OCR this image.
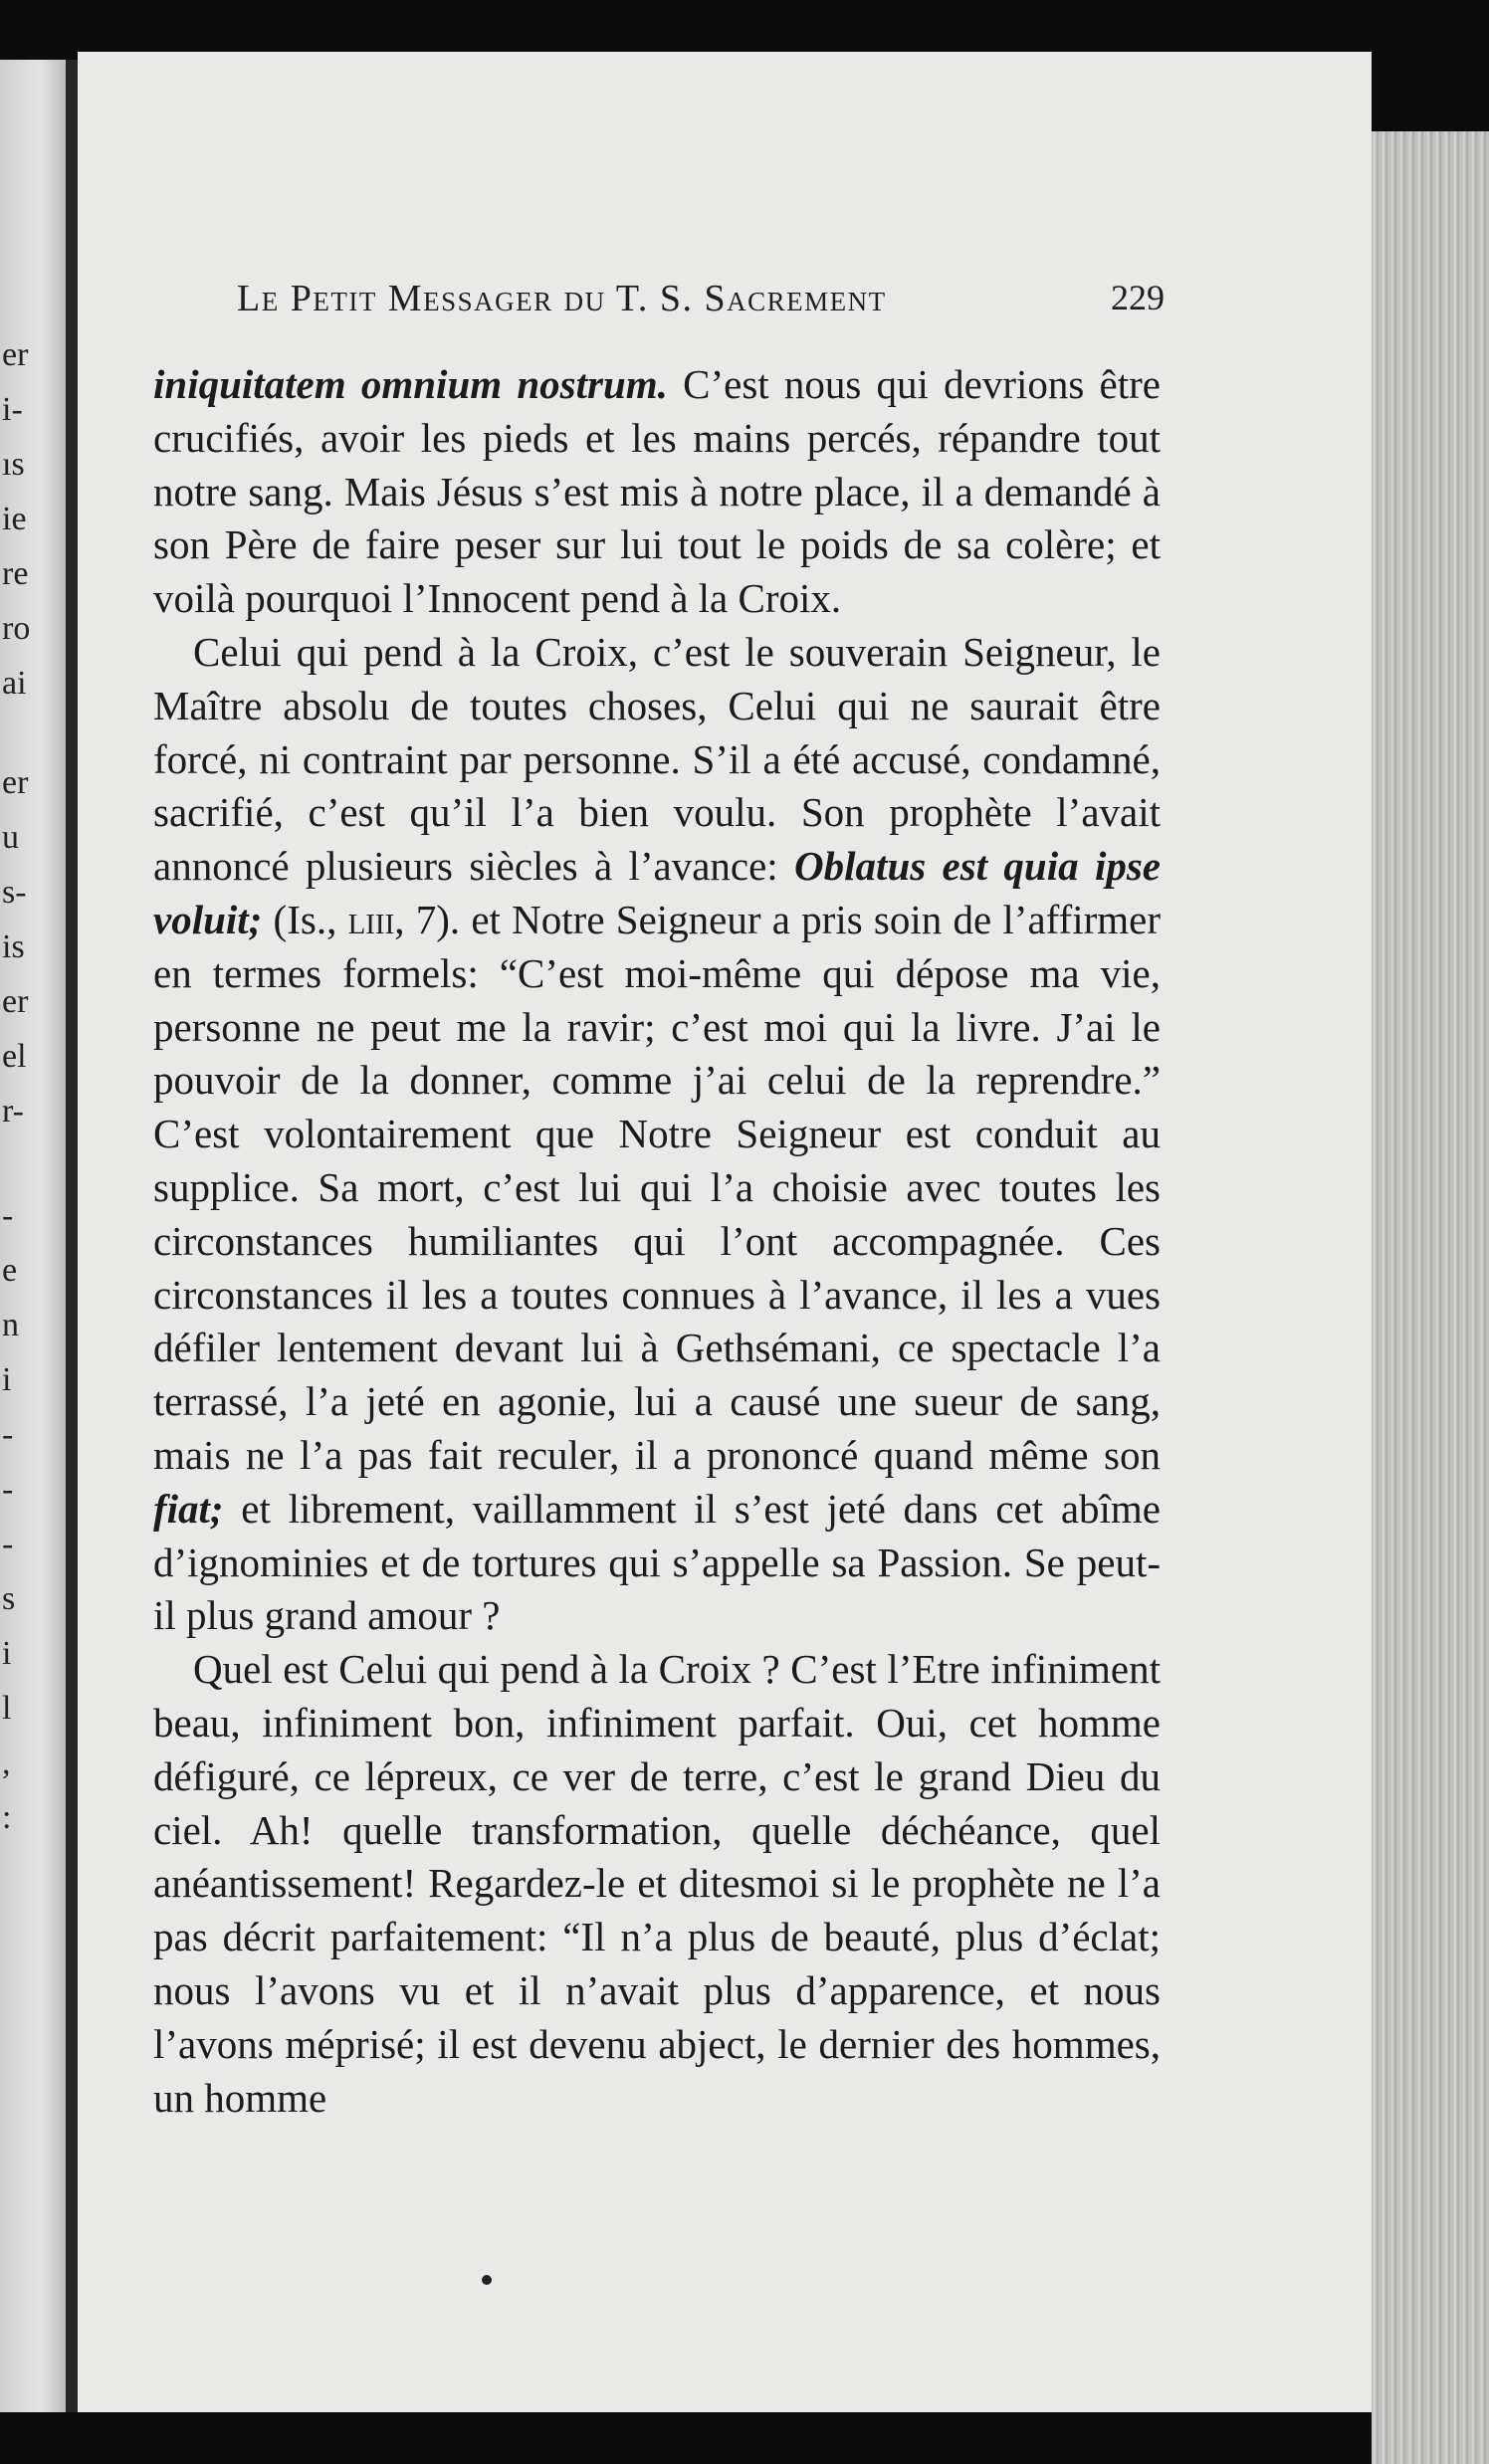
Le Petit Messager du T. S. Sacrement	229

iniquitatem omnium nostrum. C’est nous qui devrions être crucifiés, avoir les pieds et les mains percés, répandre tout notre sang. Mais Jésus s’est mis à notre place, il a demandé à son Père de faire peser sur lui tout le poids de sa colère; et voilà pourquoi l’Innocent pend à la Croix.

Celui qui pend à la Croix, c’est le souverain Seigneur, le Maître absolu de toutes choses, Celui qui ne saurait être forcé, ni contraint par personne. S’il a été accusé, condamné, sacrifié, c’est qu’il l’a bien voulu. Son prophète l’avait annoncé plusieurs siècles à l’avance: Oblatus est quia ipse voluit; (Is., liii, 7). et Notre Seigneur a pris soin de l’affirmer en termes formels: “C’est moi-même qui dépose ma vie, personne ne peut me la ravir; c’est moi qui la livre. J’ai le pouvoir de la donner, comme j’ai celui de la reprendre.” C’est volontairement que Notre Seigneur est conduit au supplice. Sa mort, c’est lui qui l’a choisie avec toutes les circonstances humiliantes qui l’ont accompagnée. Ces circonstances il les a toutes connues à l’avance, il les a vues défiler lentement devant lui à Gethsémani, ce spectacle l’a terrassé, l’a jeté en agonie, lui a causé une sueur de sang, mais ne l’a pas fait reculer, il a prononcé quand même son fiat; et librement, vaillamment il s’est jeté dans cet abîme d’ignominies et de tortures qui s’appelle sa Passion. Se peut-il plus grand amour ?

Quel est Celui qui pend à la Croix ? C’est l’Etre infiniment beau, infiniment bon, infiniment parfait. Oui, cet homme défiguré, ce lépreux, ce ver de terre, c’est le grand Dieu du ciel. Ah! quelle transformation, quelle déchéance, quel anéantissement! Regardez-le et ditesmoi si le prophète ne l’a pas décrit parfaitement: “Il n’a plus de beauté, plus d’éclat; nous l’avons vu et il n’avait plus d’apparence, et nous l’avons méprisé; il est devenu abject, le dernier des hommes, un homme

er
i-
ıs
ie
re
ro
ai
er
u
s-
is
er
el
r-
-
e
n
i
-
-
-
s
i
l
,
:
